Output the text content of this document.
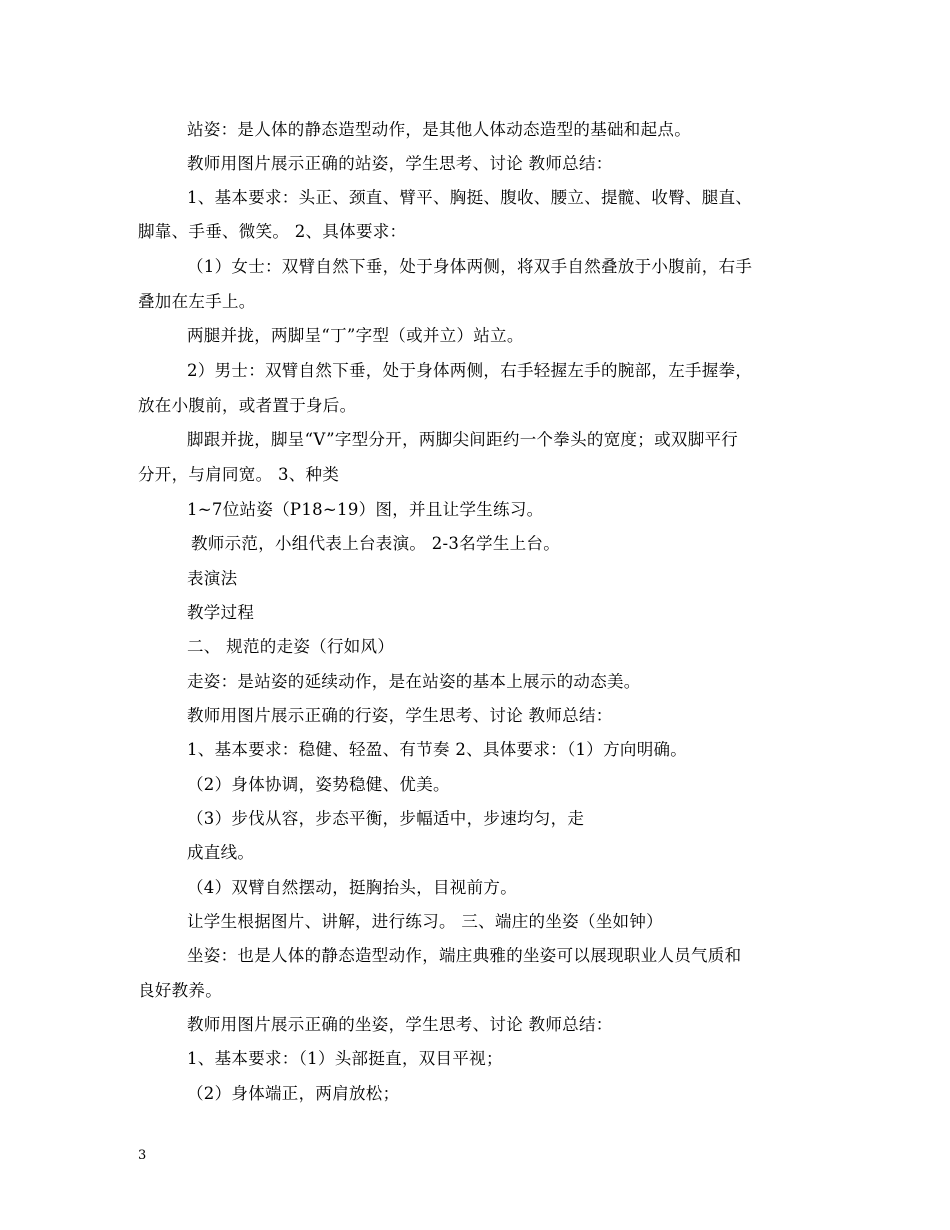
站姿：是人体的静态造型动作，是其他人体动态造型的基础和起点。
教师用图片展示正确的站姿，学生思考、讨论 教师总结：
1、基本要求：头正、颈直、臂平、胸挺、腹收、腰立、提髋、收臀、腿直、
脚靠、手垂、微笑。 2、具体要求：
（1）女士：双臂自然下垂，处于身体两侧，将双手自然叠放于小腹前，右手
叠加在左手上。
两腿并拢，两脚呈“丁”字型（或并立）站立。
2）男士：双臂自然下垂，处于身体两侧，右手轻握左手的腕部，左手握拳，
放在小腹前，或者置于身后。
脚跟并拢，脚呈“V”字型分开，两脚尖间距约一个拳头的宽度；或双脚平行
分开，与肩同宽。 3、种类
1~7位站姿（P18~19）图，并且让学生练习。
教师示范，小组代表上台表演。 2-3名学生上台。
表演法
教学过程
二、 规范的走姿（行如风）
走姿：是站姿的延续动作，是在站姿的基本上展示的动态美。
教师用图片展示正确的行姿，学生思考、讨论 教师总结：
1、基本要求：稳健、轻盈、有节奏 2、具体要求：（1）方向明确。
（2）身体协调，姿势稳健、优美。
（3）步伐从容，步态平衡，步幅适中，步速均匀，走
成直线。
（4）双臂自然摆动，挺胸抬头，目视前方。
让学生根据图片、讲解，进行练习。 三、端庄的坐姿（坐如钟）
坐姿：也是人体的静态造型动作，端庄典雅的坐姿可以展现职业人员气质和
良好教养。
教师用图片展示正确的坐姿，学生思考、讨论 教师总结：
1、基本要求：（1）头部挺直，双目平视；
（2）身体端正，两肩放松；
3
